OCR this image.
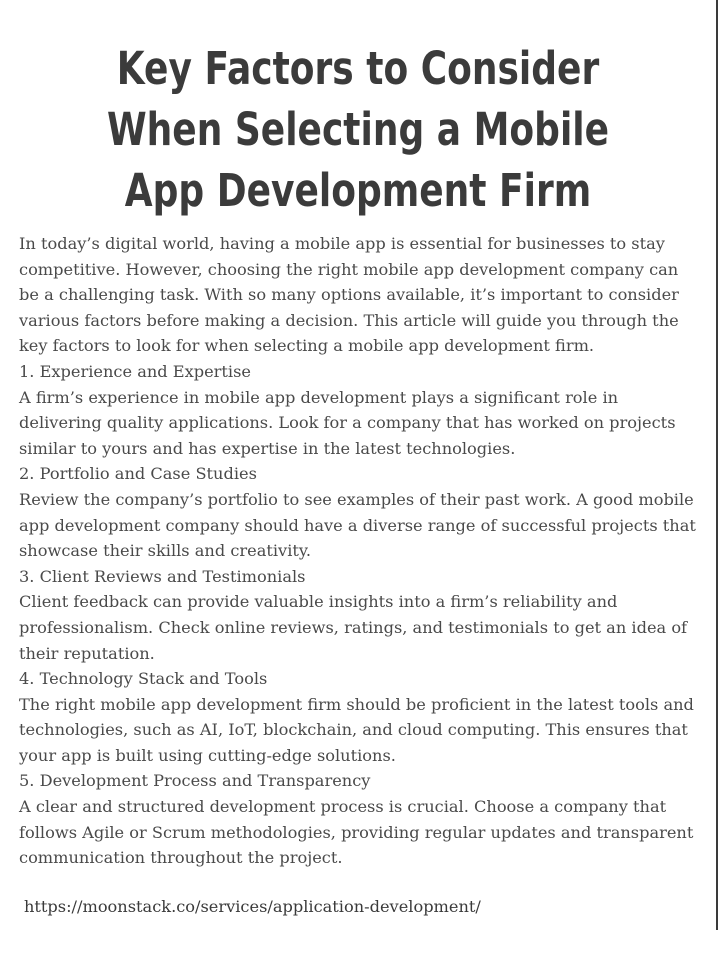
Key Factors to Consider When Selecting a Mobile App Development Firm

In today’s digital world, having a mobile app is essential for businesses to stay competitive. However, choosing the right mobile app development company can be a challenging task. With so many options available, it’s important to consider various factors before making a decision. This article will guide you through the key factors to look for when selecting a mobile app development firm.

1. Experience and Expertise

A firm’s experience in mobile app development plays a significant role in delivering quality applications. Look for a company that has worked on projects similar to yours and has expertise in the latest technologies.

2. Portfolio and Case Studies

Review the company’s portfolio to see examples of their past work. A good mobile app development company should have a diverse range of successful projects that showcase their skills and creativity.

3. Client Reviews and Testimonials

Client feedback can provide valuable insights into a firm’s reliability and professionalism. Check online reviews, ratings, and testimonials to get an idea of their reputation.

4. Technology Stack and Tools

The right mobile app development firm should be proficient in the latest tools and technologies, such as AI, IoT, blockchain, and cloud computing. This ensures that your app is built using cutting-edge solutions.

5. Development Process and Transparency

A clear and structured development process is crucial. Choose a company that follows Agile or Scrum methodologies, providing regular updates and transparent communication throughout the project.

https://moonstack.co/services/application-development/
